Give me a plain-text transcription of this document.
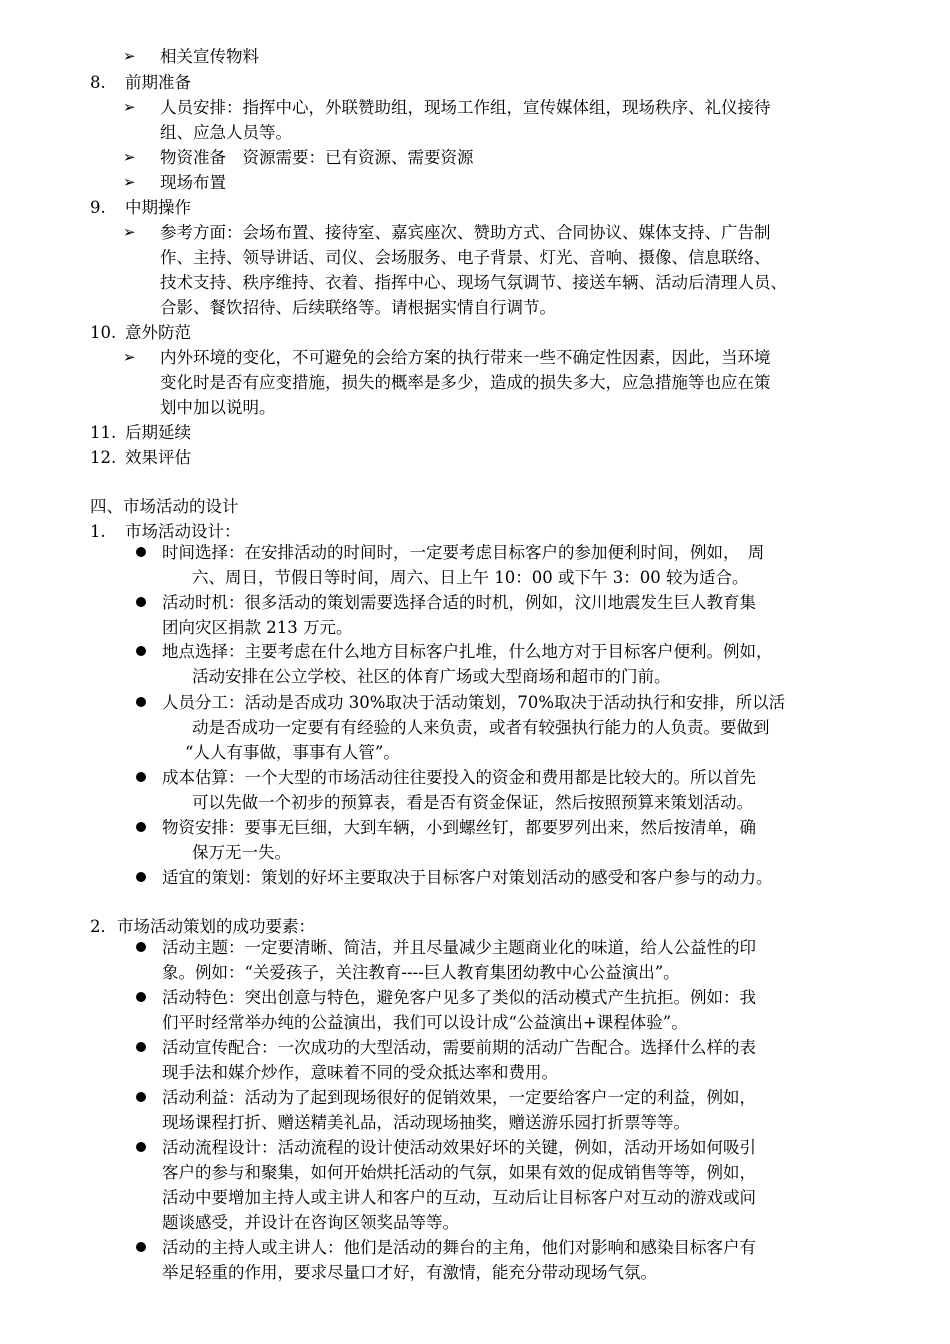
➢ 相关宣传物料
8. 前期准备
➢ 人员安排：指挥中心，外联赞助组，现场工作组，宣传媒体组，现场秩序、礼仪接待
组、应急人员等。
➢ 物资准备　资源需要：已有资源、需要资源
➢ 现场布置
9. 中期操作
➢ 参考方面：会场布置、接待室、嘉宾座次、赞助方式、合同协议、媒体支持、广告制
作、主持、领导讲话、司仪、会场服务、电子背景、灯光、音响、摄像、信息联络、
技术支持、秩序维持、衣着、指挥中心、现场气氛调节、接送车辆、活动后清理人员、
合影、餐饮招待、后续联络等。请根据实情自行调节。
10. 意外防范
➢ 内外环境的变化，不可避免的会给方案的执行带来一些不确定性因素，因此，当环境
变化时是否有应变措施，损失的概率是多少，造成的损失多大，应急措施等也应在策
划中加以说明。
11. 后期延续
12. 效果评估
四、市场活动的设计
1. 市场活动设计：
时间选择：在安排活动的时间时，一定要考虑目标客户的参加便利时间，例如，　周
六、周日，节假日等时间，周六、日上午 10：00 或下午 3：00 较为适合。
活动时机：很多活动的策划需要选择合适的时机，例如，汶川地震发生巨人教育集
团向灾区捐款 213 万元。
地点选择：主要考虑在什么地方目标客户扎堆，什么地方对于目标客户便利。例如，
活动安排在公立学校、社区的体育广场或大型商场和超市的门前。
人员分工：活动是否成功 30%取决于活动策划，70%取决于活动执行和安排，所以活
动是否成功一定要有有经验的人来负责，或者有较强执行能力的人负责。要做到
“人人有事做，事事有人管”。
成本估算：一个大型的市场活动往往要投入的资金和费用都是比较大的。所以首先
可以先做一个初步的预算表，看是否有资金保证，然后按照预算来策划活动。
物资安排：要事无巨细，大到车辆，小到螺丝钉，都要罗列出来，然后按清单，确
保万无一失。
适宜的策划：策划的好坏主要取决于目标客户对策划活动的感受和客户参与的动力。
2．市场活动策划的成功要素：
活动主题：一定要清晰、简洁，并且尽量减少主题商业化的味道，给人公益性的印
象。例如：“关爱孩子，关注教育----巨人教育集团幼教中心公益演出”。
活动特色：突出创意与特色，避免客户见多了类似的活动模式产生抗拒。例如：我
们平时经常举办纯的公益演出，我们可以设计成“公益演出+课程体验”。
活动宣传配合：一次成功的大型活动，需要前期的活动广告配合。选择什么样的表
现手法和媒介炒作，意味着不同的受众抵达率和费用。
活动利益：活动为了起到现场很好的促销效果，一定要给客户一定的利益，例如，
现场课程打折、赠送精美礼品，活动现场抽奖，赠送游乐园打折票等等。
活动流程设计：活动流程的设计使活动效果好坏的关键，例如，活动开场如何吸引
客户的参与和聚集，如何开始烘托活动的气氛，如果有效的促成销售等等，例如，
活动中要增加主持人或主讲人和客户的互动，互动后让目标客户对互动的游戏或问
题谈感受，并设计在咨询区领奖品等等。
活动的主持人或主讲人：他们是活动的舞台的主角，他们对影响和感染目标客户有
举足轻重的作用，要求尽量口才好，有激情，能充分带动现场气氛。
